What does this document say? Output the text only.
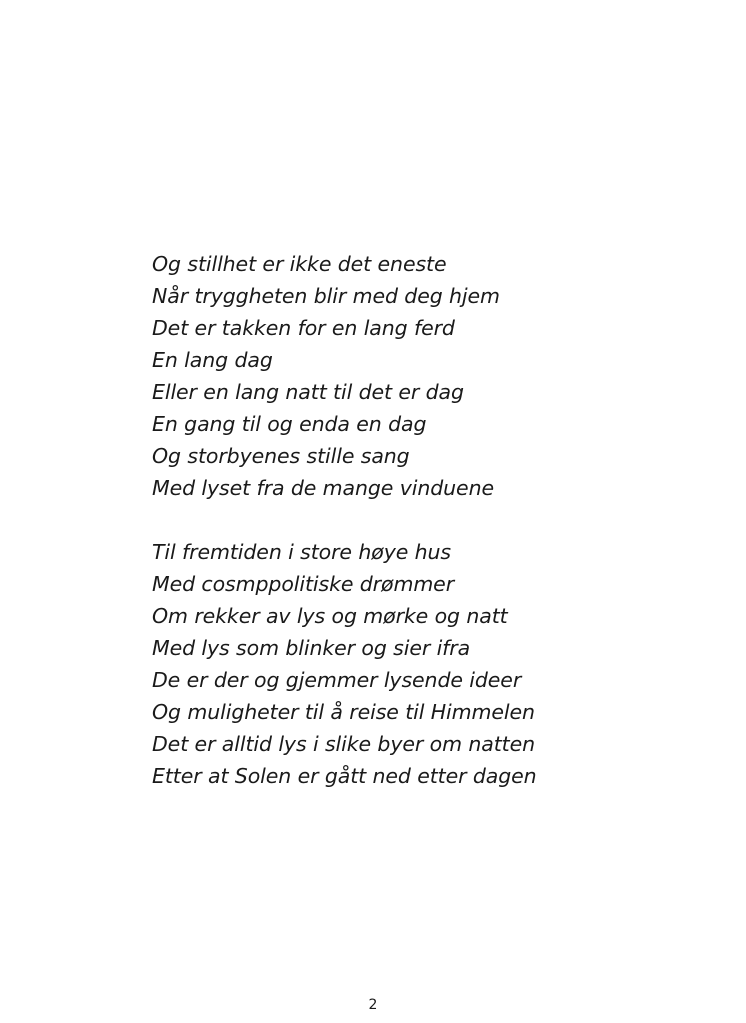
Og stillhet er ikke det eneste
Når tryggheten blir med deg hjem
Det er takken for en lang ferd
En lang dag
Eller en lang natt til det er dag
En gang til og enda en dag
Og storbyenes stille sang
Med lyset fra de mange vinduene
Til fremtiden i store høye hus
Med cosmppolitiske drømmer
Om rekker av lys og mørke og natt
Med lys som blinker og sier ifra
De er der og gjemmer lysende ideer
Og muligheter til å reise til Himmelen
Det er alltid lys i slike byer om natten
Etter at Solen er gått ned etter dagen
2
